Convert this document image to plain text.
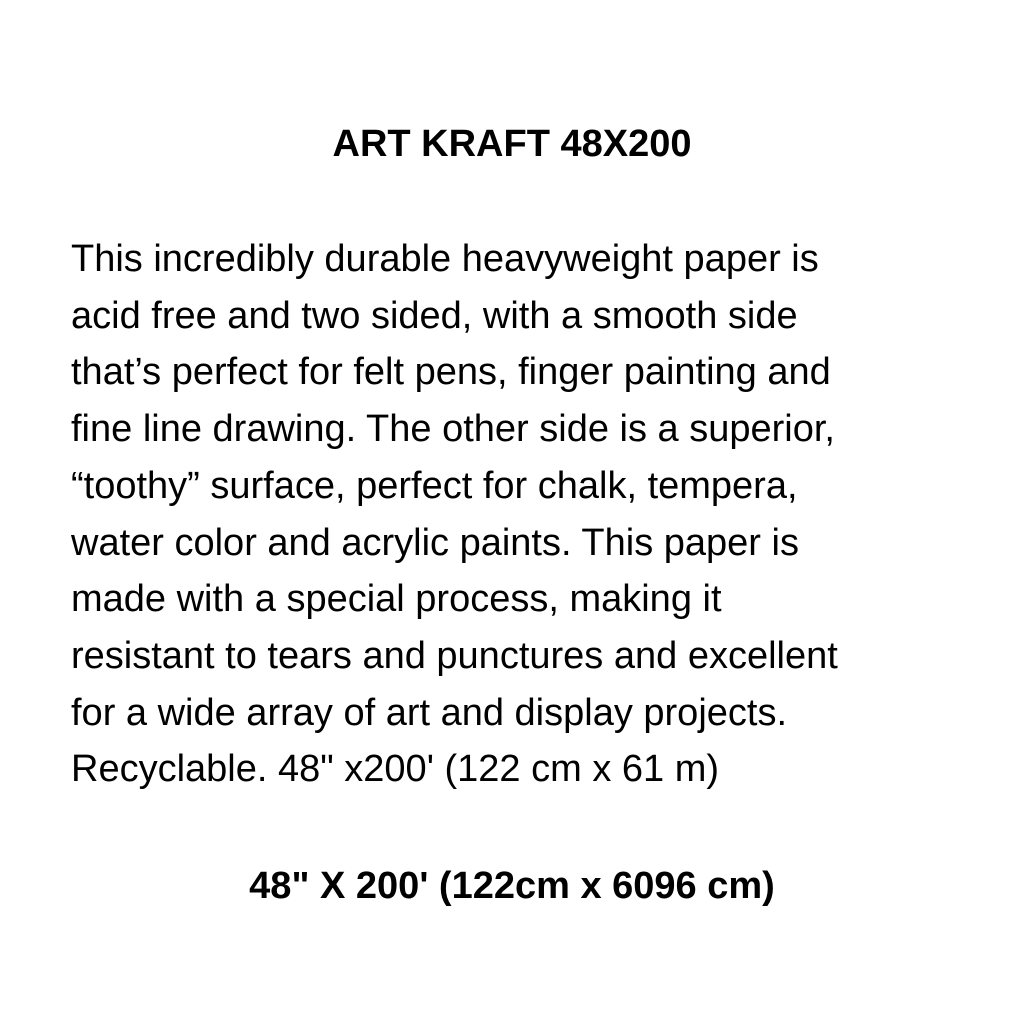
ART KRAFT 48X200
This incredibly durable heavyweight paper is
acid free and two sided, with a smooth side
that’s perfect for felt pens, finger painting and
fine line drawing. The other side is a superior,
“toothy” surface, perfect for chalk, tempera,
water color and acrylic paints. This paper is
made with a special process, making it
resistant to tears and punctures and excellent
for a wide array of art and display projects.
Recyclable. 48" x200' (122 cm x 61 m)

48" X 200' (122cm x 6096 cm)
